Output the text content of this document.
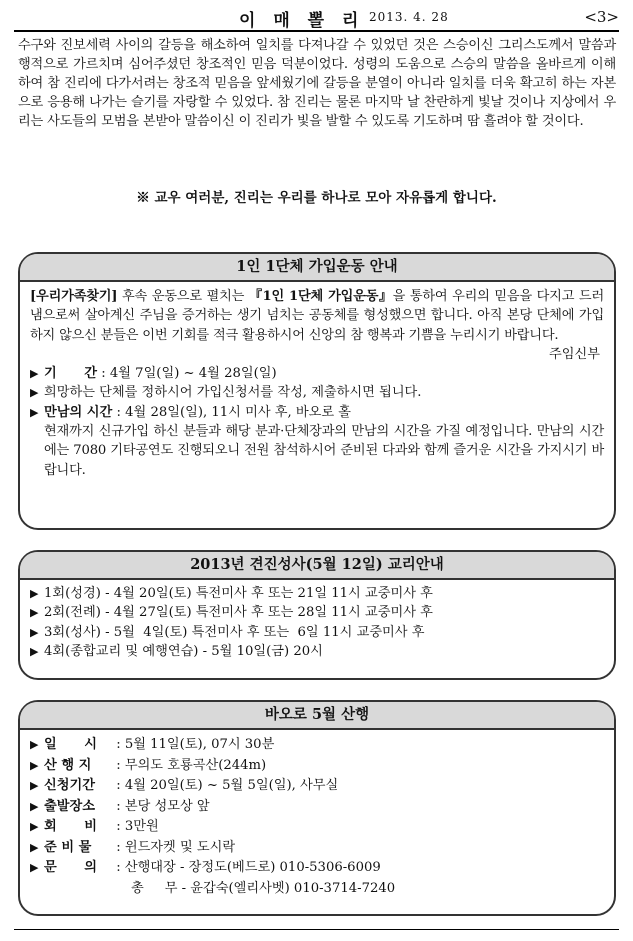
이 매 뽈 리 2013. 4. 28	<3>
수구와 진보세력 사이의 갈등을 해소하여 일치를 다져나갈 수 있었던 것은 스승이신 그리스도께서 말씀과 행적으로 가르치며 심어주셨던 창조적인 믿음 덕분이었다. 성령의 도움으로 스승의 말씀을 올바르게 이해하여 참 진리에 다가서려는 창조적 믿음을 앞세웠기에 갈등을 분열이 아니라 일치를 더욱 확고히 하는 자본으로 응용해 나가는 슬기를 자랑할 수 있었다. 참 진리는 물론 마지막 날 찬란하게 빛날 것이나 지상에서 우리는 사도들의 모범을 본받아 말씀이신 이 진리가 빛을 발할 수 있도록 기도하며 땀 흘려야 할 것이다.
※ 교우 여러분, 진리는 우리를 하나로 모아 자유롭게 합니다.
1인 1단체 가입운동 안내
[우리가족찾기] 후속 운동으로 펼치는 『1인 1단체 가입운동』을 통하여 우리의 믿음을 다지고 드러냄으로써 살아계신 주님을 증거하는 생기 넘치는 공동체를 형성했으면 합니다. 아직 본당 단체에 가입하지 않으신 분들은 이번 기회를 적극 활용하시어 신앙의 참 행복과 기쁨을 누리시기 바랍니다.
주임신부
▶ 기      간 : 4월 7일(일) ~ 4월 28일(일)
▶ 희망하는 단체를 정하시어 가입신청서를 작성, 제출하시면 됩니다.
▶ 만남의 시간 : 4월 28일(일), 11시 미사 후, 바오로 홀
현재까지 신규가입 하신 분들과 해당 분과·단체장과의 만남의 시간을 가질 예정입니다. 만남의 시간에는 7080 기타공연도 진행되오니 전원 참석하시어 준비된 다과와 함께 즐거운 시간을 가지시기 바랍니다.
2013년 견진성사(5월 12일) 교리안내
▶ 1회(성경) - 4월 20일(토) 특전미사 후 또는 21일 11시 교중미사 후
▶ 2회(전례) - 4월 27일(토) 특전미사 후 또는 28일 11시 교중미사 후
▶ 3회(성사) - 5월  4일(토) 특전미사 후 또는  6일 11시 교중미사 후
▶ 4회(종합교리 및 예행연습) - 5월 10일(금) 20시
바오로 5월 산행
▶ 일      시 : 5월 11일(토), 07시 30분
▶ 산 행 지 : 무의도 호룡곡산(244m)
▶ 신청기간 : 4월 20일(토) ~ 5월 5일(일), 사무실
▶ 출발장소 : 본당 성모상 앞
▶ 회      비 : 3만원
▶ 준 비 물 : 윈드자켓 및 도시락
▶ 문      의 : 산행대장 - 장정도(베드로) 010-5306-6009
총     무 - 윤갑숙(엘리사벳) 010-3714-7240
